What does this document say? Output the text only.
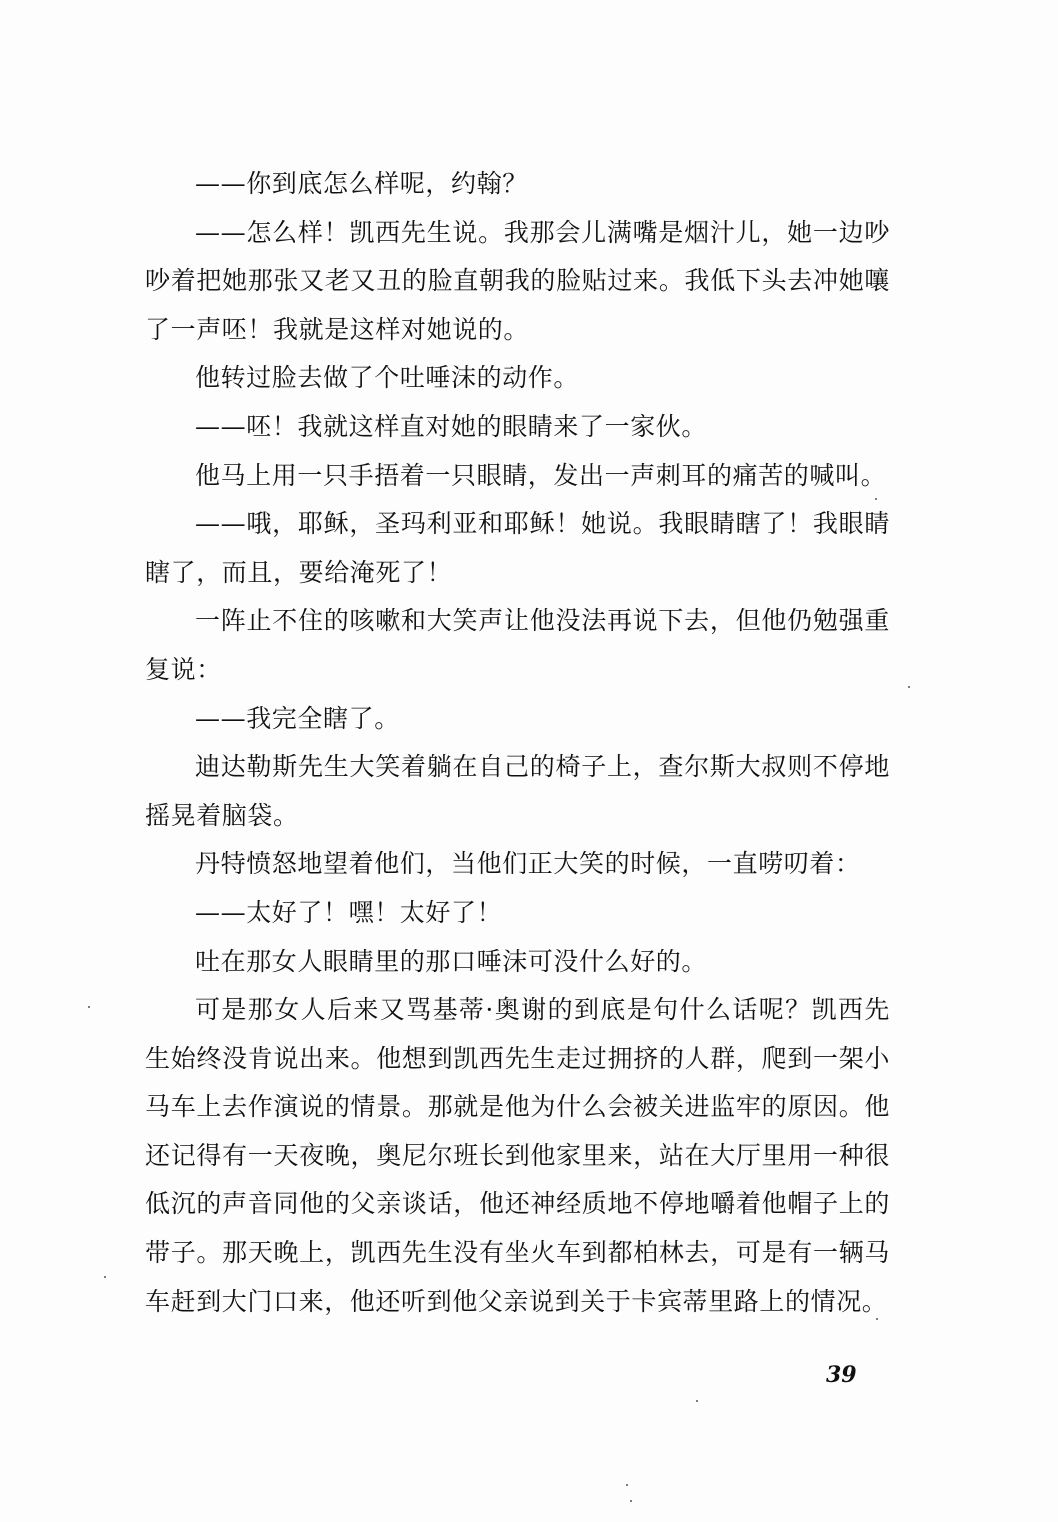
——你到底怎么样呢，约翰？

——怎么样！凯西先生说。我那会儿满嘴是烟汁儿，她一边吵吵着把她那张又老又丑的脸直朝我的脸贴过来。我低下头去冲她嚷了一声呸！我就是这样对她说的。

他转过脸去做了个吐唾沫的动作。

——呸！我就这样直对她的眼睛来了一家伙。

他马上用一只手捂着一只眼睛，发出一声刺耳的痛苦的喊叫。

——哦，耶稣，圣玛利亚和耶稣！她说。我眼睛瞎了！我眼睛瞎了，而且，要给淹死了！

一阵止不住的咳嗽和大笑声让他没法再说下去，但他仍勉强重复说：

——我完全瞎了。

迪达勒斯先生大笑着躺在自己的椅子上，查尔斯大叔则不停地摇晃着脑袋。

丹特愤怒地望着他们，当他们正大笑的时候，一直唠叨着：

——太好了！嘿！太好了！

吐在那女人眼睛里的那口唾沫可没什么好的。

可是那女人后来又骂基蒂·奥谢的到底是句什么话呢？凯西先生始终没肯说出来。他想到凯西先生走过拥挤的人群，爬到一架小马车上去作演说的情景。那就是他为什么会被关进监牢的原因。他还记得有一天夜晚，奥尼尔班长到他家里来，站在大厅里用一种很低沉的声音同他的父亲谈话，他还神经质地不停地嚼着他帽子上的带子。那天晚上，凯西先生没有坐火车到都柏林去，可是有一辆马车赶到大门口来，他还听到他父亲说到关于卡宾蒂里路上的情况。

39
